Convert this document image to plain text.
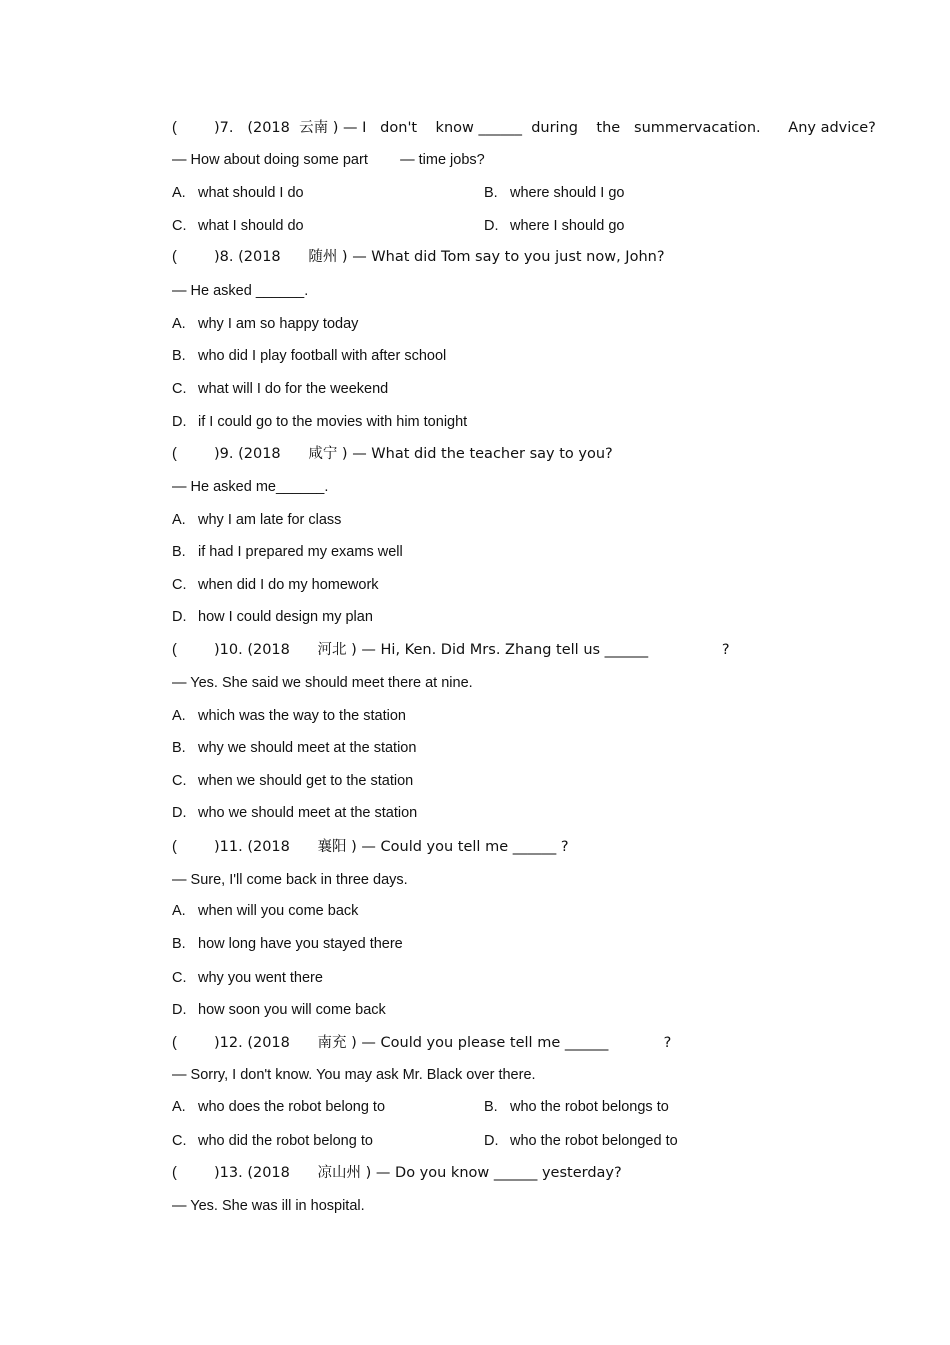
(	)7.   (2018  云南 ) — I   don't    know ______  during    the   summervacation.      Any advice?
— How about doing some part        — time jobs?
A. what should I do	B. where should I go
C. what I should do	D. where I should go
(	)8. (2018      随州 ) — What did Tom say to you just now, John?
— He asked ______.
A. why I am so happy today
B. who did I play football with after school
C. what will I do for the weekend
D. if I could go to the movies with him tonight
(	)9. (2018      咸宁 ) — What did the teacher say to you?
— He asked me______.
A. why I am late for class
B. if had I prepared my exams well
C. when did I do my homework
D. how I could design my plan
(	)10. (2018      河北 ) — Hi, Ken. Did Mrs. Zhang tell us ______                ?
— Yes. She said we should meet there at nine.
A. which was the way to the station
B. why we should meet at the station
C. when we should get to the station
D. who we should meet at the station
(	)11. (2018      襄阳 ) — Could you tell me ______ ?
— Sure, I'll come back in three days.
A. when will you come back
B. how long have you stayed there
C. why you went there
D. how soon you will come back
(	)12. (2018      南充 ) — Could you please tell me ______            ?
— Sorry, I don't know. You may ask Mr. Black over there.
A. who does the robot belong to	B. who the robot belongs to
C. who did the robot belong to	D. who the robot belonged to
(	)13. (2018      凉山州 ) — Do you know ______ yesterday?
— Yes. She was ill in hospital.
